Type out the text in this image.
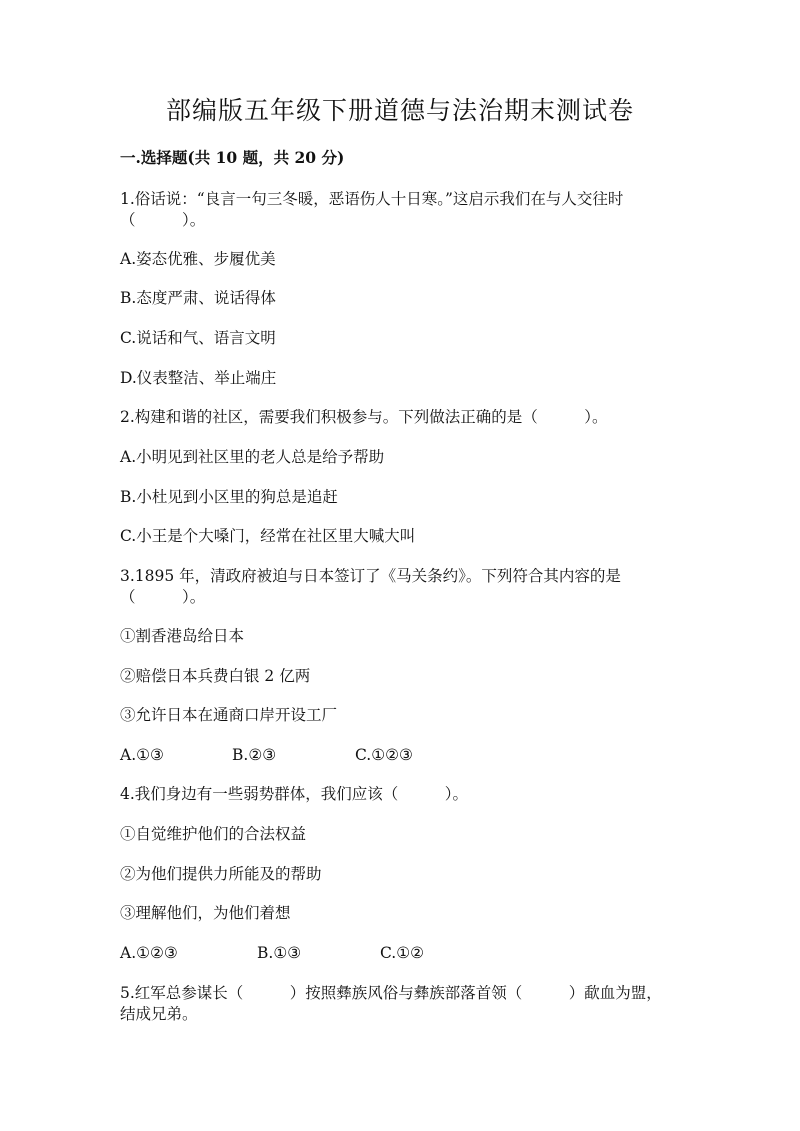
部编版五年级下册道德与法治期末测试卷
一.选择题(共 10 题，共 20 分)
1.俗话说：“良言一句三冬暖，恶语伤人十日寒。”这启示我们在与人交往时
（　　　）。
A.姿态优雅、步履优美
B.态度严肃、说话得体
C.说话和气、语言文明
D.仪表整洁、举止端庄
2.构建和谐的社区，需要我们积极参与。下列做法正确的是（　　　）。
A.小明见到社区里的老人总是给予帮助
B.小杜见到小区里的狗总是追赶
C.小王是个大嗓门，经常在社区里大喊大叫
3.1895 年，清政府被迫与日本签订了《马关条约》。下列符合其内容的是
（　　　）。
①割香港岛给日本
②赔偿日本兵费白银 2 亿两
③允许日本在通商口岸开设工厂
A.①③	B.②③	C.①②③
4.我们身边有一些弱势群体，我们应该（　　　）。
①自觉维护他们的合法权益
②为他们提供力所能及的帮助
③理解他们，为他们着想
A.①②③	B.①③	C.①②
5.红军总参谋长（　　　）按照彝族风俗与彝族部落首领（　　　）歃血为盟，
结成兄弟。
